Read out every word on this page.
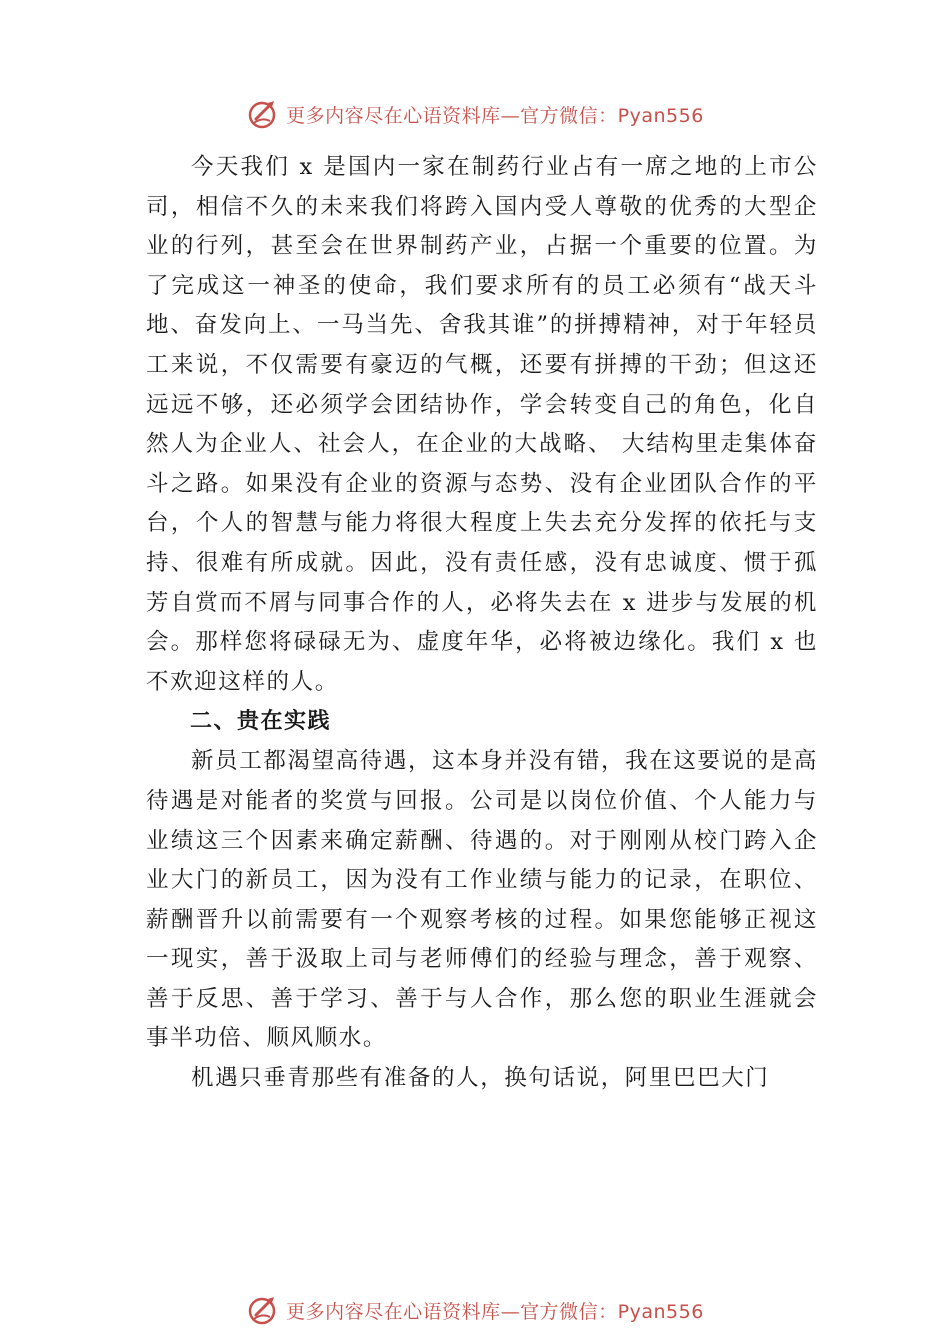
更多内容尽在心语资料库—官方微信：Pyan556

今天我们 x 是国内一家在制药行业占有一席之地的上市公司，相信不久的未来我们将跨入国内受人尊敬的优秀的大型企业的行列，甚至会在世界制药产业，占据一个重要的位置。为了完成这一神圣的使命，我们要求所有的员工必须有“战天斗地、奋发向上、一马当先、舍我其谁”的拼搏精神，对于年轻员工来说，不仅需要有豪迈的气概，还要有拼搏的干劲；但这还远远不够，还必须学会团结协作，学会转变自己的角色，化自然人为企业人、社会人，在企业的大战略、 大结构里走集体奋斗之路。如果没有企业的资源与态势、没有企业团队合作的平台，个人的智慧与能力将很大程度上失去充分发挥的依托与支持、很难有所成就。因此，没有责任感，没有忠诚度、惯于孤芳自赏而不屑与同事合作的人，必将失去在 x 进步与发展的机会。那样您将碌碌无为、虚度年华，必将被边缘化。我们 x 也不欢迎这样的人。

二、贵在实践

新员工都渴望高待遇，这本身并没有错，我在这要说的是高待遇是对能者的奖赏与回报。公司是以岗位价值、个人能力与业绩这三个因素来确定薪酬、待遇的。对于刚刚从校门跨入企业大门的新员工，因为没有工作业绩与能力的记录，在职位、薪酬晋升以前需要有一个观察考核的过程。如果您能够正视这一现实，善于汲取上司与老师傅们的经验与理念，善于观察、善于反思、善于学习、善于与人合作，那么您的职业生涯就会事半功倍、顺风顺水。

机遇只垂青那些有准备的人，换句话说，阿里巴巴大门

更多内容尽在心语资料库—官方微信：Pyan556
